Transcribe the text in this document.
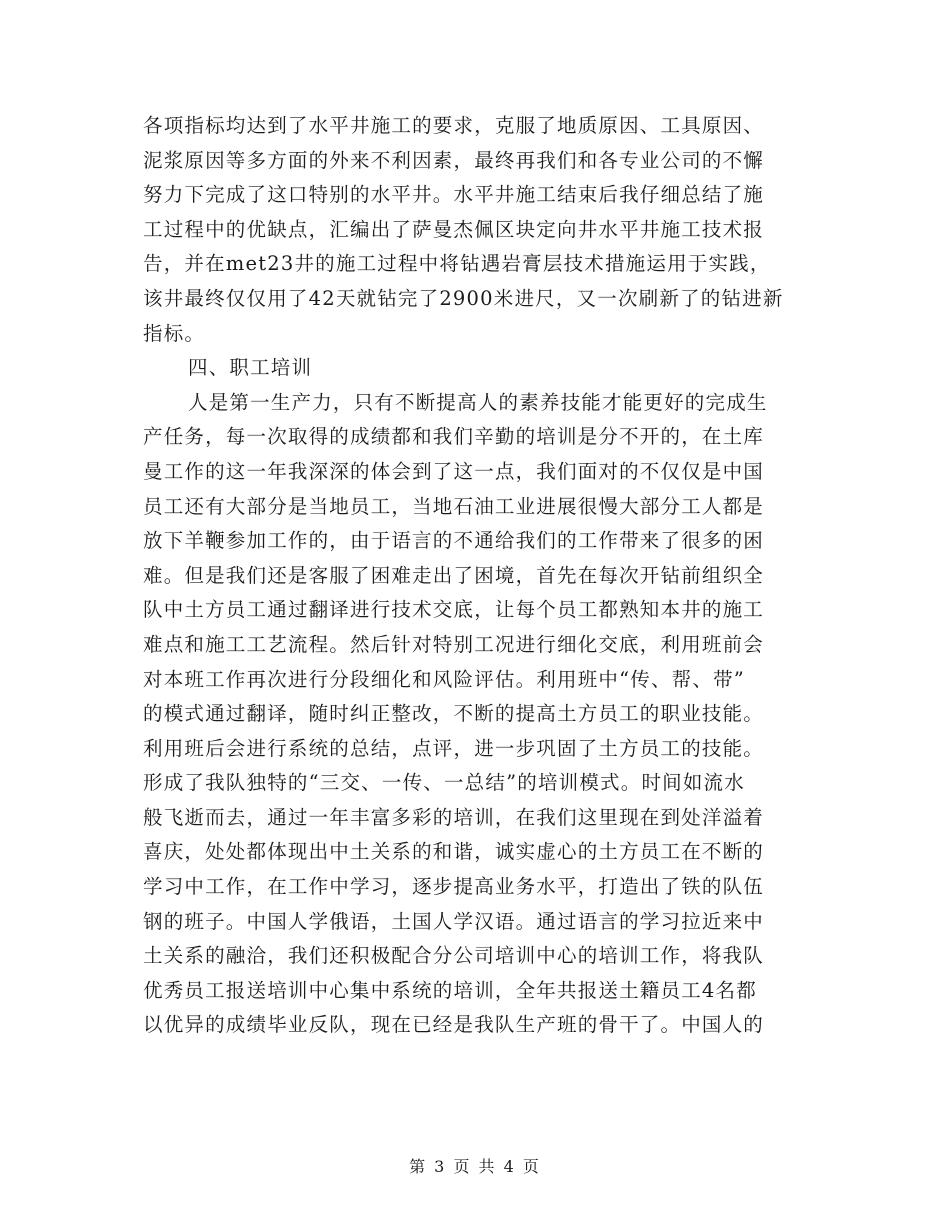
各项指标均达到了水平井施工的要求，克服了地质原因、工具原因、
泥浆原因等多方面的外来不利因素，最终再我们和各专业公司的不懈
努力下完成了这口特别的水平井。水平井施工结束后我仔细总结了施
工过程中的优缺点，汇编出了萨曼杰佩区块定向井水平井施工技术报
告，并在met23井的施工过程中将钻遇岩膏层技术措施运用于实践，
该井最终仅仅用了42天就钻完了2900米进尺，又一次刷新了的钻进新
指标。
四、职工培训
人是第一生产力，只有不断提高人的素养技能才能更好的完成生
产任务，每一次取得的成绩都和我们辛勤的培训是分不开的，在土库
曼工作的这一年我深深的体会到了这一点，我们面对的不仅仅是中国
员工还有大部分是当地员工，当地石油工业进展很慢大部分工人都是
放下羊鞭参加工作的，由于语言的不通给我们的工作带来了很多的困
难。但是我们还是客服了困难走出了困境，首先在每次开钻前组织全
队中土方员工通过翻译进行技术交底，让每个员工都熟知本井的施工
难点和施工工艺流程。然后针对特别工况进行细化交底，利用班前会
对本班工作再次进行分段细化和风险评估。利用班中“传、帮、带”
的模式通过翻译，随时纠正整改，不断的提高土方员工的职业技能。
利用班后会进行系统的总结，点评，进一步巩固了土方员工的技能。
形成了我队独特的“三交、一传、一总结”的培训模式。时间如流水
般飞逝而去，通过一年丰富多彩的培训，在我们这里现在到处洋溢着
喜庆，处处都体现出中土关系的和谐，诚实虚心的土方员工在不断的
学习中工作，在工作中学习，逐步提高业务水平，打造出了铁的队伍
钢的班子。中国人学俄语，土国人学汉语。通过语言的学习拉近来中
土关系的融洽，我们还积极配合分公司培训中心的培训工作，将我队
优秀员工报送培训中心集中系统的培训，全年共报送土籍员工4名都
以优异的成绩毕业反队，现在已经是我队生产班的骨干了。中国人的
第 3 页 共 4 页
